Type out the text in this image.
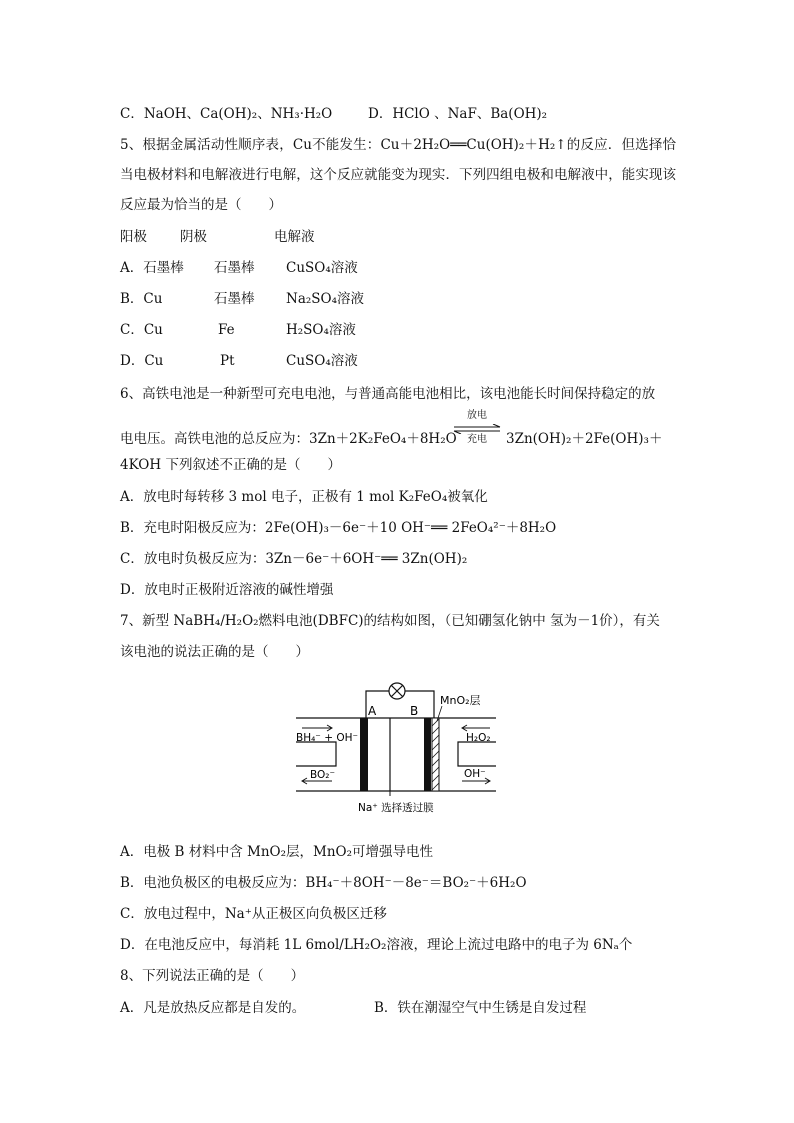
C．NaOH、Ca(OH)₂、NH₃·H₂O	D．HClO 、NaF、Ba(OH)₂
5、根据金属活动性顺序表，Cu不能发生：Cu＋2H₂O══Cu(OH)₂＋H₂↑的反应．但选择恰当电极材料和电解液进行电解，这个反应就能变为现实．下列四组电极和电解液中，能实现该反应最为恰当的是（　　）
阳极 阴极	电解液
A．石墨棒 石墨棒 CuSO₄溶液
B．Cu	石墨棒 Na₂SO₄溶液
C．Cu	Fe	H₂SO₄溶液
D．Cu	Pt	CuSO₄溶液
6、高铁电池是一种新型可充电电池，与普通高能电池相比，该电池能长时间保持稳定的放
电电压。高铁电池的总反应为：3Zn＋2K₂FeO₄＋8H₂O
放电
充电	3Zn(OH)₂＋2Fe(OH)₃＋
4KOH 下列叙述不正确的是（　　）
A．放电时每转移 3 mol 电子，正极有 1 mol K₂FeO₄被氧化
B．充电时阳极反应为：2Fe(OH)₃－6e⁻＋10 OH⁻══ 2FeO₄²⁻＋8H₂O
C．放电时负极反应为：3Zn－6e⁻＋6OH⁻══ 3Zn(OH)₂
D．放电时正极附近溶液的碱性增强
7、新型 NaBH₄/H₂O₂燃料电池(DBFC)的结构如图，（已知硼氢化钠中 氢为－1价），有关
该电池的说法正确的是（　　）
A	B
MnO₂层
BH₄⁻ + OH⁻
BO₂⁻
H₂O₂
OH⁻
Na⁺ 选择透过膜
A．电极 B 材料中含 MnO₂层，MnO₂可增强导电性
B．电池负极区的电极反应为：BH₄⁻＋8OH⁻－8e⁻＝BO₂⁻＋6H₂O
C．放电过程中，Na⁺从正极区向负极区迁移
D．在电池反应中，每消耗 1L 6mol/LH₂O₂溶液，理论上流过电路中的电子为 6Nₐ个
8、下列说法正确的是（　　）
A．凡是放热反应都是自发的。	B．铁在潮湿空气中生锈是自发过程
